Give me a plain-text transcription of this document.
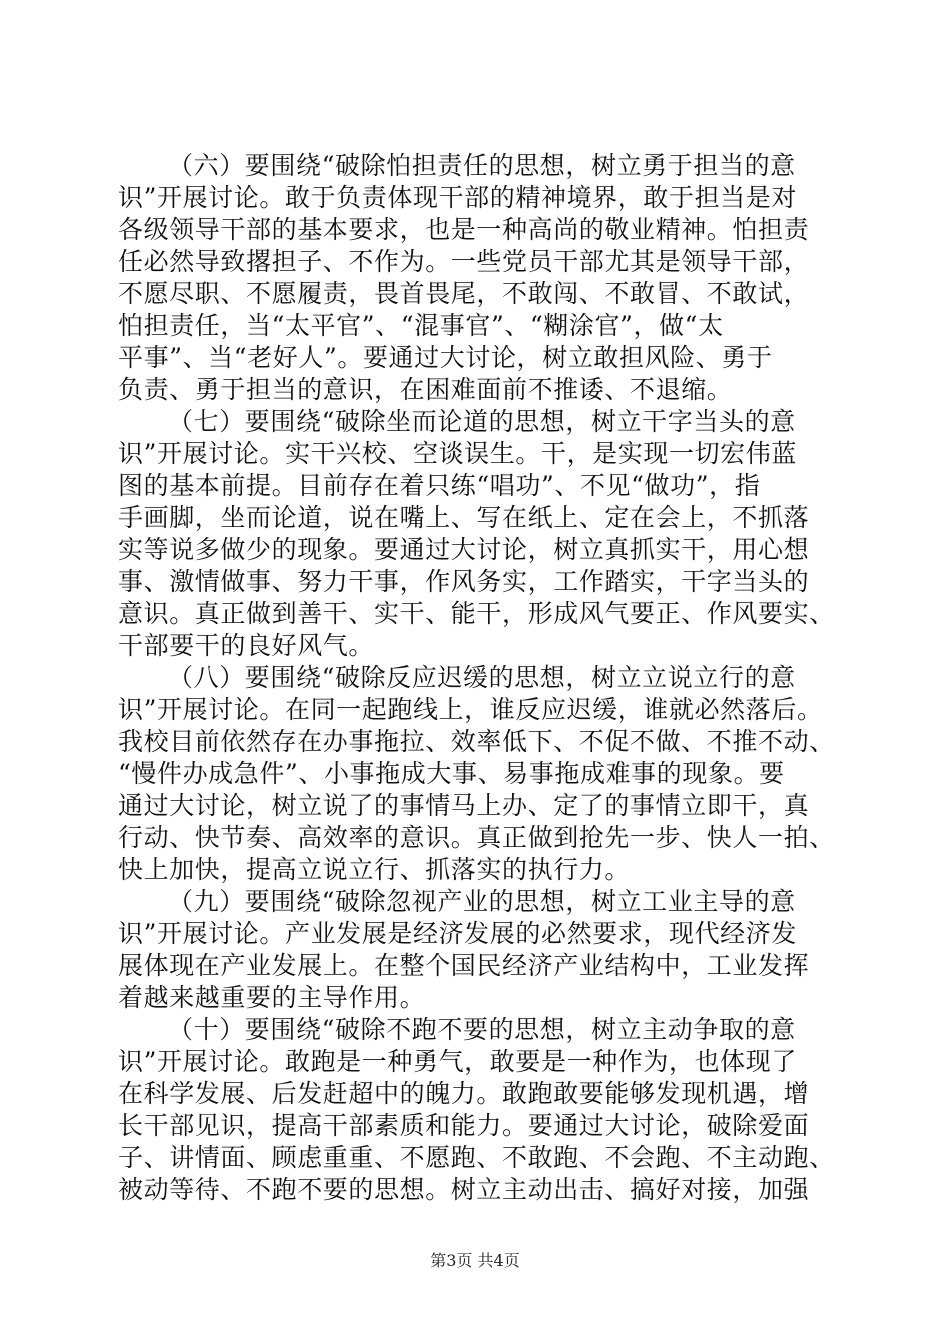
（六）要围绕“破除怕担责任的思想，树立勇于担当的意
识”开展讨论。敢于负责体现干部的精神境界，敢于担当是对
各级领导干部的基本要求，也是一种高尚的敬业精神。怕担责
任必然导致撂担子、不作为。一些党员干部尤其是领导干部，
不愿尽职、不愿履责，畏首畏尾，不敢闯、不敢冒、不敢试，
怕担责任，当“太平官”、“混事官”、“糊涂官”，做“太
平事”、当“老好人”。要通过大讨论，树立敢担风险、勇于
负责、勇于担当的意识，在困难面前不推诿、不退缩。
（七）要围绕“破除坐而论道的思想，树立干字当头的意
识”开展讨论。实干兴校、空谈误生。干，是实现一切宏伟蓝
图的基本前提。目前存在着只练“唱功”、不见“做功”，指
手画脚，坐而论道，说在嘴上、写在纸上、定在会上，不抓落
实等说多做少的现象。要通过大讨论，树立真抓实干，用心想
事、激情做事、努力干事，作风务实，工作踏实，干字当头的
意识。真正做到善干、实干、能干，形成风气要正、作风要实、
干部要干的良好风气。
（八）要围绕“破除反应迟缓的思想，树立立说立行的意
识”开展讨论。在同一起跑线上，谁反应迟缓，谁就必然落后。
我校目前依然存在办事拖拉、效率低下、不促不做、不推不动、
“慢件办成急件”、小事拖成大事、易事拖成难事的现象。要
通过大讨论，树立说了的事情马上办、定了的事情立即干，真
行动、快节奏、高效率的意识。真正做到抢先一步、快人一拍、
快上加快，提高立说立行、抓落实的执行力。
（九）要围绕“破除忽视产业的思想，树立工业主导的意
识”开展讨论。产业发展是经济发展的必然要求，现代经济发
展体现在产业发展上。在整个国民经济产业结构中，工业发挥
着越来越重要的主导作用。
（十）要围绕“破除不跑不要的思想，树立主动争取的意
识”开展讨论。敢跑是一种勇气，敢要是一种作为，也体现了
在科学发展、后发赶超中的魄力。敢跑敢要能够发现机遇，增
长干部见识，提高干部素质和能力。要通过大讨论，破除爱面
子、讲情面、顾虑重重、不愿跑、不敢跑、不会跑、不主动跑、
被动等待、不跑不要的思想。树立主动出击、搞好对接，加强
第3页 共4页
